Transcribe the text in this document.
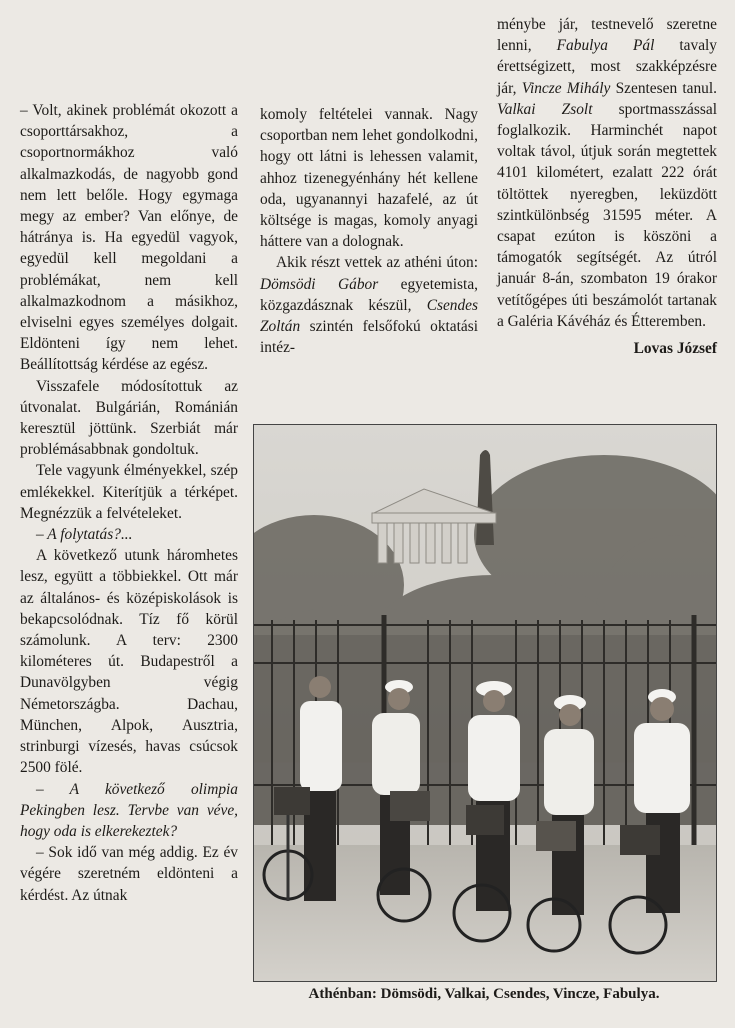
– Volt, akinek problémát okozott a csoporttársakhoz, a csoportnormákhoz való alkalmazkodás, de nagyobb gond nem lett belőle. Hogy egymaga megy az ember? Van előnye, de hátránya is. Ha egyedül vagyok, egyedül kell megoldani a problémákat, nem kell alkalmazkodnom a másikhoz, elviselni egyes személyes dolgait. Eldönteni így nem lehet. Beállítottság kérdése az egész.

Visszafele módosítottuk az útvonalat. Bulgárián, Románián keresztül jöttünk. Szerbiát már problémásabbnak gondoltuk.

Tele vagyunk élményekkel, szép emlékekkel. Kiterítjük a térképet. Megnézzük a felvételeket.

– A folytatás?...

A következő utunk háromhetes lesz, együtt a többiekkel. Ott már az általános- és középiskolások is bekapcsolódnak. Tíz fő körül számolunk. A terv: 2300 kilométeres út. Budapestről a Dunavölgyben végig Németországba. Dachau, München, Alpok, Ausztria, strinburgi vízesés, havas csúcsok 2500 fölé.

– A következő olimpia Pekingben lesz. Tervbe van véve, hogy oda is elkerekeztek?

– Sok idő van még addig. Ez év végére szeretném eldönteni a kérdést. Az útnak

komoly feltételei vannak. Nagy csoportban nem lehet gondolkodni, hogy ott látni is lehessen valamit, ahhoz tizenegyénhány hét kellene oda, ugyanannyi hazafelé, az út költsége is magas, komoly anyagi háttere van a dolognak.

Akik részt vettek az athéni úton: Dömsödi Gábor egyetemista, közgazdásznak készül, Csendes Zoltán szintén felsőfokú oktatási intéz-

ménybe jár, testnevelő szeretne lenni, Fabulya Pál tavaly érettségizett, most szakképzésre jár, Vincze Mihály Szentesen tanul. Valkai Zsolt sportmasszással foglalkozik. Harminchét napot voltak távol, útjuk során megtettek 4101 kilométert, ezalatt 222 órát töltöttek nyeregben, leküzdött szintkülönbség 31595 méter. A csapat ezúton is köszöni a támogatók segítségét. Az útról január 8-án, szombaton 19 órakor vetítőgépes úti beszámolót tartanak a Galéria Kávéház és Étteremben.

Lovas József
Athénban: Dömsödi, Valkai, Csendes, Vincze, Fabulya.
